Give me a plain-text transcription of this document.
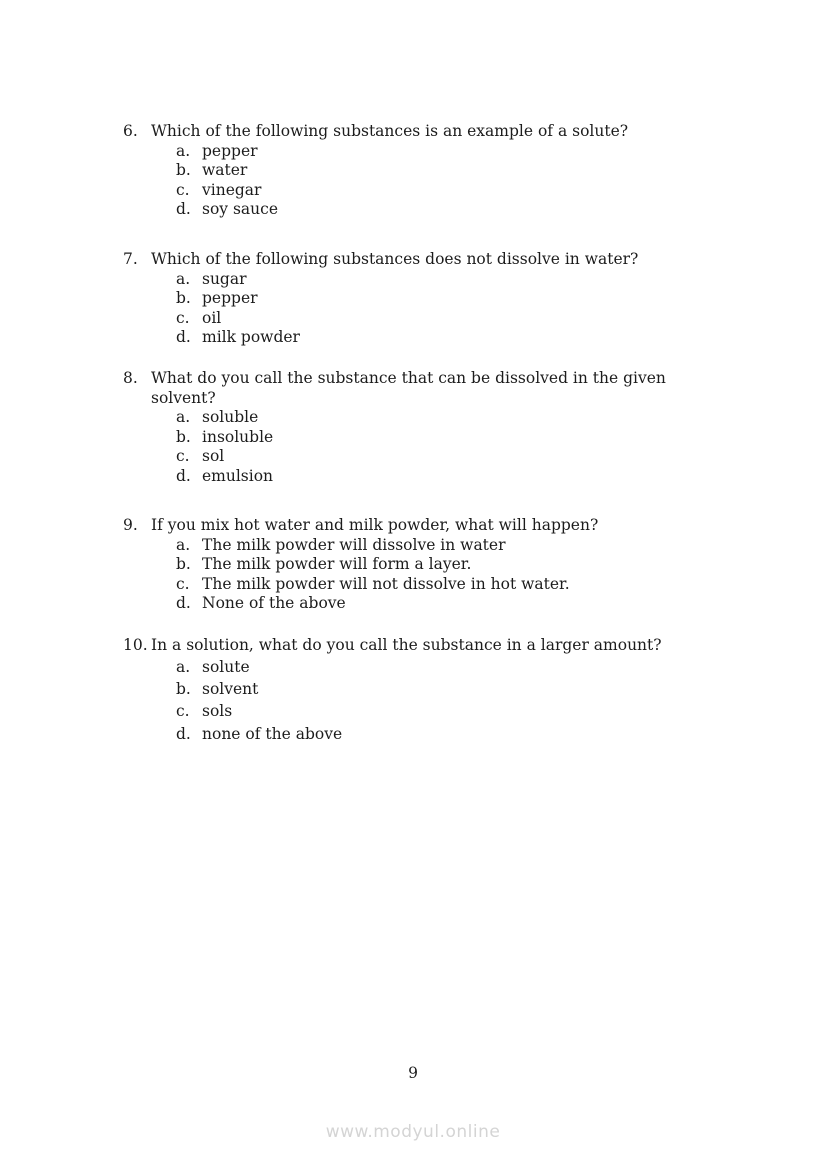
6. Which of the following substances is an example of a solute?
a. pepper
b. water
c. vinegar
d. soy sauce
7. Which of the following substances does not dissolve in water?
a. sugar
b. pepper
c. oil
d. milk powder
8. What do you call the substance that can be dissolved in the given
solvent?
a. soluble
b. insoluble
c. sol
d. emulsion
9. If you mix hot water and milk powder, what will happen?
a. The milk powder will dissolve in water
b. The milk powder will form a layer.
c. The milk powder will not dissolve in hot water.
d. None of the above
10. In a solution, what do you call the substance in a larger amount?
a. solute
b. solvent
c. sols
d. none of the above
9
www.modyul.online
